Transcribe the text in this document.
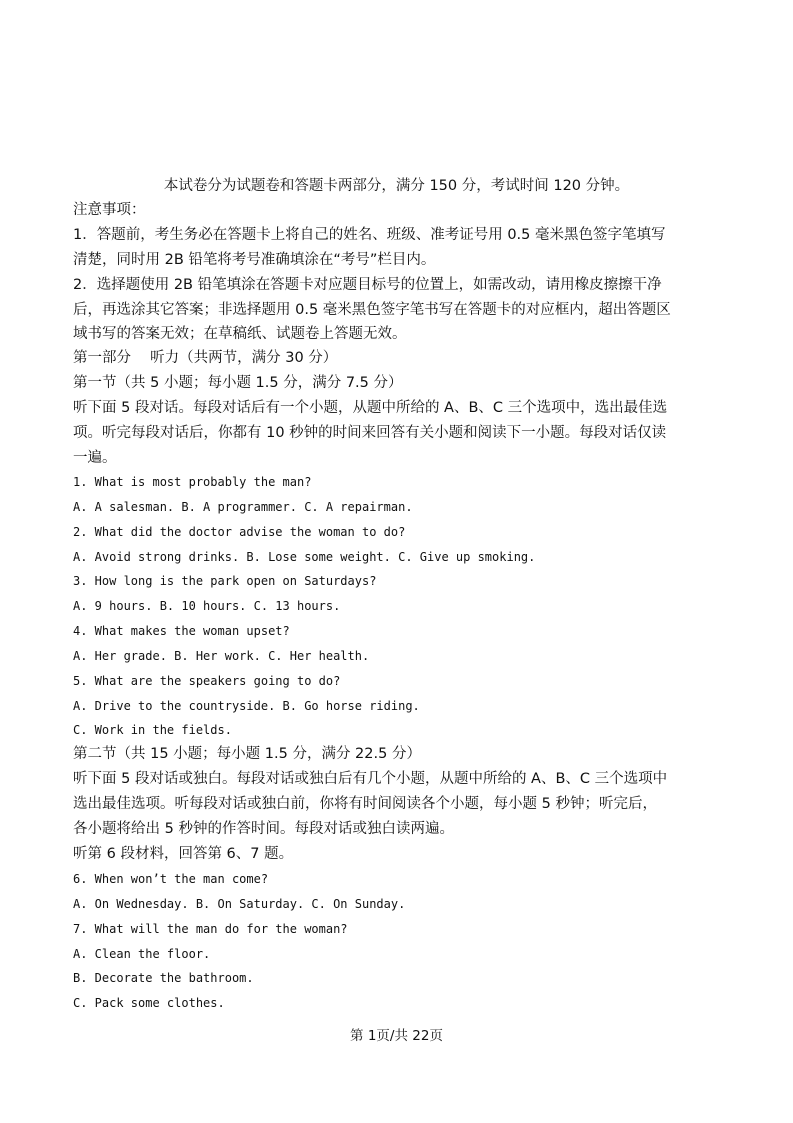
本试卷分为试题卷和答题卡两部分，满分 150 分，考试时间 120 分钟。
注意事项：
1．答题前，考生务必在答题卡上将自己的姓名、班级、准考证号用 0.5 毫米黑色签字笔填写
清楚，同时用 2B 铅笔将考号准确填涂在“考号”栏目内。
2．选择题使用 2B 铅笔填涂在答题卡对应题目标号的位置上，如需改动，请用橡皮擦擦干净
后，再选涂其它答案；非选择题用 0.5 毫米黑色签字笔书写在答题卡的对应框内，超出答题区
域书写的答案无效；在草稿纸、试题卷上答题无效。
第一部分　 听力（共两节，满分 30 分）
第一节（共 5 小题；每小题 1.5 分，满分 7.5 分）
听下面 5 段对话。每段对话后有一个小题，从题中所给的 A、B、C 三个选项中，选出最佳选
项。听完每段对话后，你都有 10 秒钟的时间来回答有关小题和阅读下一小题。每段对话仅读
一遍。
1. What is most probably the man?
A. A salesman. B. A programmer. C. A repairman.
2. What did the doctor advise the woman to do?
A. Avoid strong drinks. B. Lose some weight. C. Give up smoking.
3. How long is the park open on Saturdays?
A. 9 hours. B. 10 hours. C. 13 hours.
4. What makes the woman upset?
A. Her grade. B. Her work. C. Her health.
5. What are the speakers going to do?
A. Drive to the countryside. B. Go horse riding.
C. Work in the fields.
第二节（共 15 小题；每小题 1.5 分，满分 22.5 分）
听下面 5 段对话或独白。每段对话或独白后有几个小题，从题中所给的 A、B、C 三个选项中
选出最佳选项。听每段对话或独白前，你将有时间阅读各个小题，每小题 5 秒钟；听完后，
各小题将给出 5 秒钟的作答时间。每段对话或独白读两遍。
听第 6 段材料，回答第 6、7 题。
6. When won’t the man come?
A. On Wednesday. B. On Saturday. C. On Sunday.
7. What will the man do for the woman?
A. Clean the floor.
B. Decorate the bathroom.
C. Pack some clothes.
第 1页/共 22页
